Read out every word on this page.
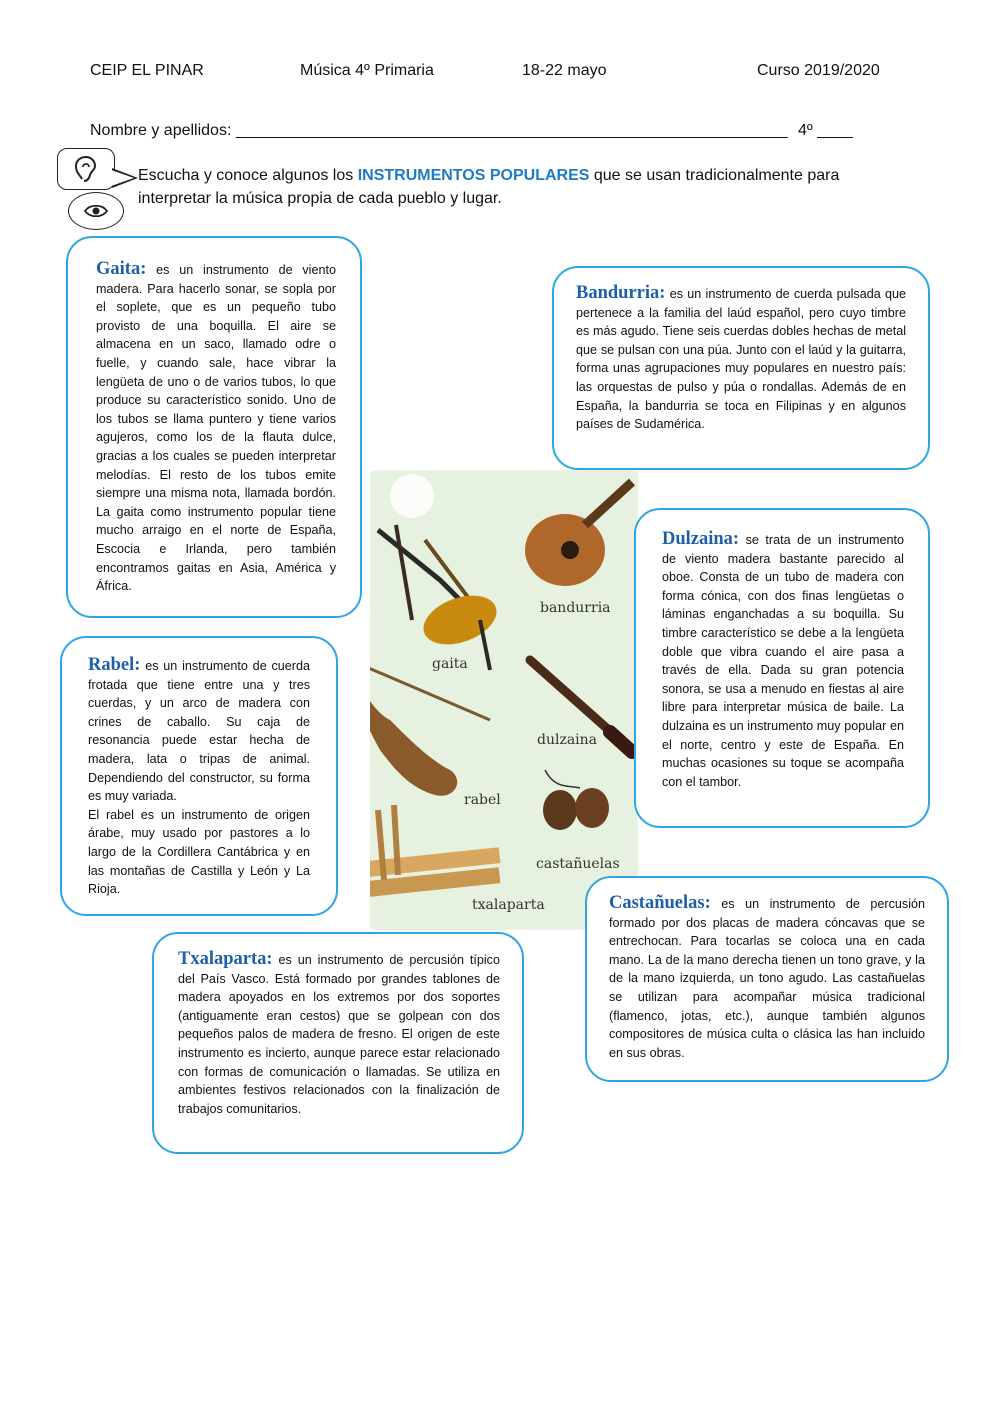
CEIP EL PINAR	Música 4º Primaria	18-22 mayo	Curso 2019/2020
Nombre y apellidos: ______________________________________________________________ 4º ____
Escucha y conoce algunos los INSTRUMENTOS POPULARES que se usan tradicionalmente para interpretar la música propia de cada pueblo y lugar.
bandurria
gaita
dulzaina
rabel
castañuelas
txalaparta
Gaita: es un instrumento de viento madera. Para hacerlo sonar, se sopla por el soplete, que es un pequeño tubo provisto de una boquilla. El aire se almacena en un saco, llamado odre o fuelle, y cuando sale, hace vibrar la lengüeta de uno o de varios tubos, lo que produce su característico sonido. Uno de los tubos se llama puntero y tiene varios agujeros, como los de la flauta dulce, gracias a los cuales se pueden interpretar melodías. El resto de los tubos emite siempre una misma nota, llamada bordón. La gaita como instrumento popular tiene mucho arraigo en el norte de España, Escocia e Irlanda, pero también encontramos gaitas en Asia, América y África.
Bandurria: es un instrumento de cuerda pulsada que pertenece a la familia del laúd español, pero cuyo timbre es más agudo. Tiene seis cuerdas dobles hechas de metal que se pulsan con una púa. Junto con el laúd y la guitarra, forma unas agrupaciones muy populares en nuestro país: las orquestas de pulso y púa o rondallas. Además de en España, la bandurria se toca en Filipinas y en algunos países de Sudamérica.
Dulzaina: se trata de un instrumento de viento madera bastante parecido al oboe. Consta de un tubo de madera con forma cónica, con dos finas lengüetas o láminas enganchadas a su boquilla. Su timbre característico se debe a la lengüeta doble que vibra cuando el aire pasa a través de ella. Dada su gran potencia sonora, se usa a menudo en fiestas al aire libre para interpretar música de baile. La dulzaina es un instrumento muy popular en el norte, centro y este de España. En muchas ocasiones su toque se acompaña con el tambor.
Rabel: es un instrumento de cuerda frotada que tiene entre una y tres cuerdas, y un arco de madera con crines de caballo. Su caja de resonancia puede estar hecha de madera, lata o tripas de animal. Dependiendo del constructor, su forma es muy variada.
El rabel es un instrumento de origen árabe, muy usado por pastores a lo largo de la Cordillera Cantábrica y en las montañas de Castilla y León y La Rioja.
Castañuelas: es un instrumento de percusión formado por dos placas de madera cóncavas que se entrechocan. Para tocarlas se coloca una en cada mano. La de la mano derecha tienen un tono grave, y la de la mano izquierda, un tono agudo. Las castañuelas se utilizan para acompañar música tradicional (flamenco, jotas, etc.), aunque también algunos compositores de música culta o clásica las han incluido en sus obras.
Txalaparta: es un instrumento de percusión típico del País Vasco. Está formado por grandes tablones de madera apoyados en los extremos por dos soportes (antiguamente eran cestos) que se golpean con dos pequeños palos de madera de fresno. El origen de este instrumento es incierto, aunque parece estar relacionado con formas de comunicación o llamadas. Se utiliza en ambientes festivos relacionados con la finalización de trabajos comunitarios.
